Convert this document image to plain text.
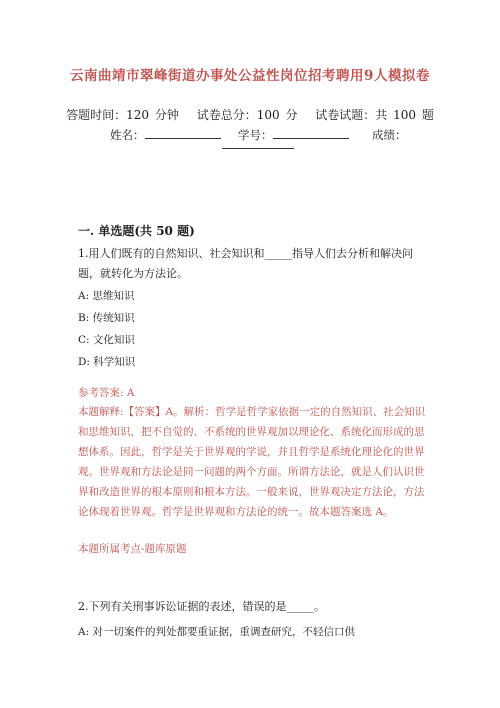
云南曲靖市翠峰街道办事处公益性岗位招考聘用9人模拟卷
答题时间：120 分钟 试卷总分：100 分 试卷试题：共 100 题
姓名：	学号：	成绩：
一. 单选题(共 50 题)
1.用人们既有的自然知识、社会知识和_____指导人们去分析和解决问题，就转化为方法论。
A: 思维知识
B: 传统知识
C: 文化知识
D: 科学知识
参考答案: A
本题解释:【答案】A。解析：哲学是哲学家依据一定的自然知识、社会知识和思维知识，把不自觉的、不系统的世界观加以理论化、系统化而形成的思想体系。因此，哲学是关于世界观的学说，并且哲学是系统化理论化的世界观。世界观和方法论是同一问题的两个方面。所谓方法论，就是人们认识世界和改造世界的根本原则和根本方法。一般来说，世界观决定方法论，方法论体现着世界观。哲学是世界观和方法论的统一。故本题答案选 A。
本题所属考点-题库原题
2.下列有关刑事诉讼证据的表述，错误的是_____。
A: 对一切案件的判处都要重证据，重调查研究，不轻信口供
